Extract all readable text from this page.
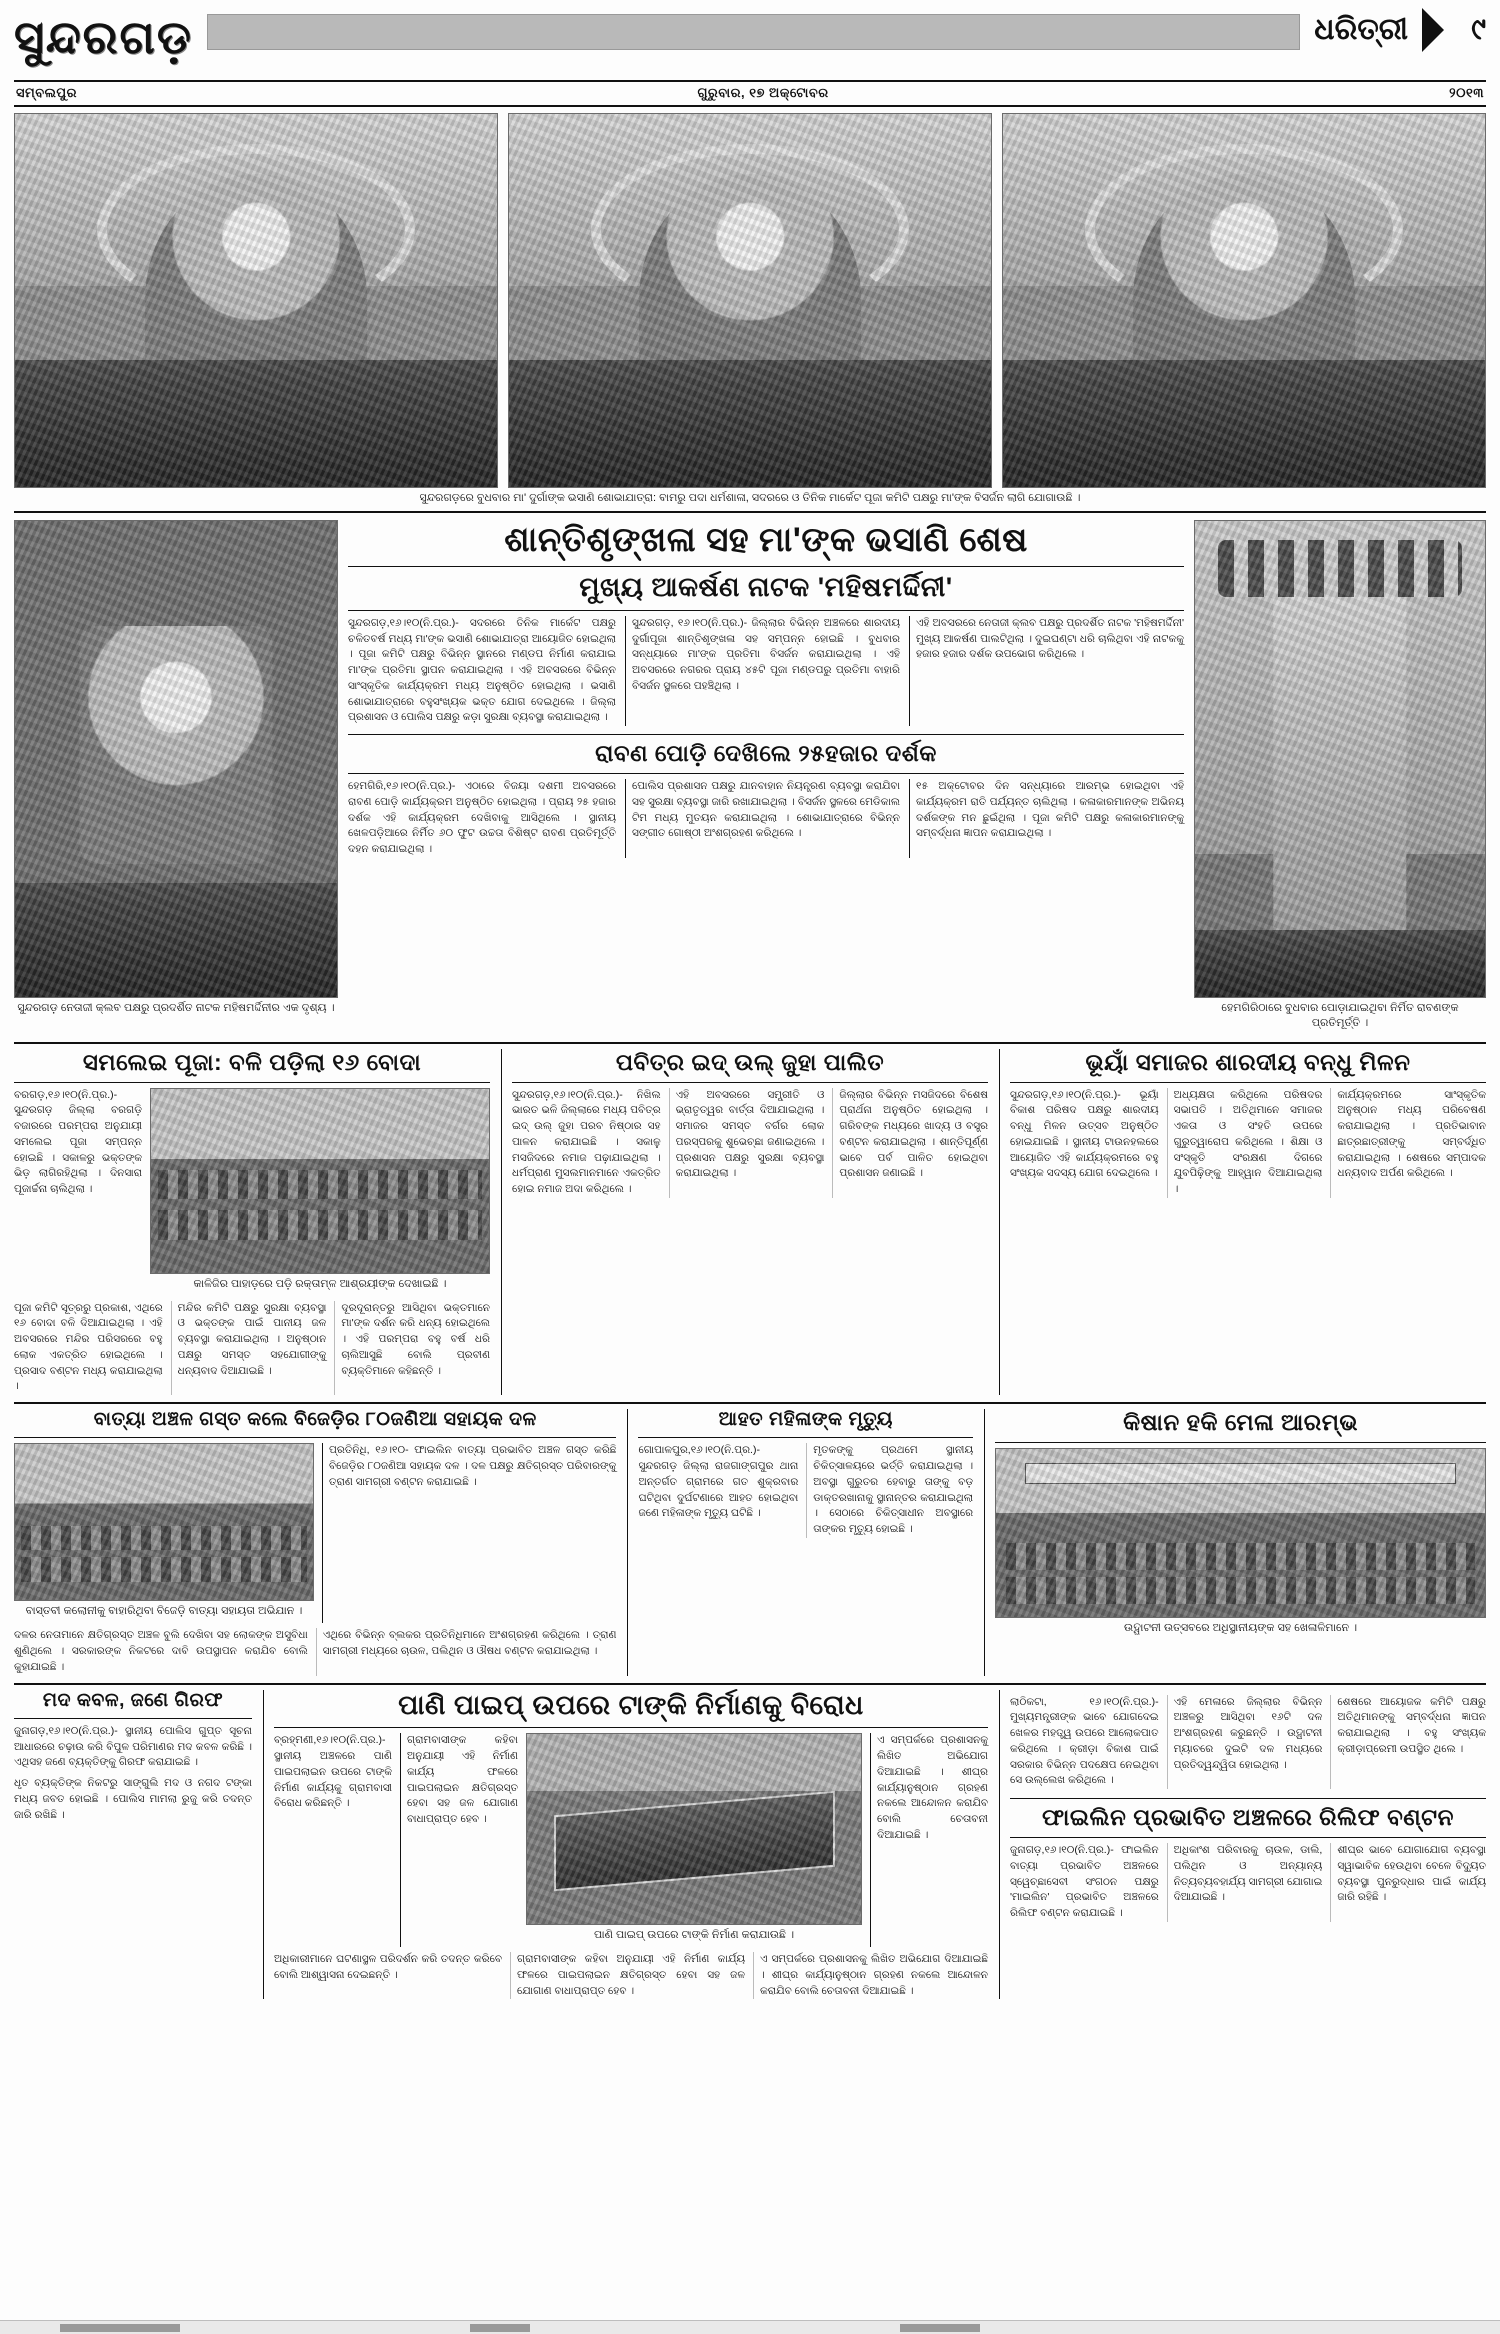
ସୁନ୍ଦରଗଡ଼	ଧରିତ୍ରୀ	୯
ସମ୍ବଲପୁର	ଗୁରୁବାର, ୧୭ ଅକ୍ଟୋବର	୨୦୧୩
ସୁନ୍ଦରଗଡ଼ରେ ବୁଧବାର ମା' ଦୁର୍ଗାଙ୍କ ଭସାଣି ଶୋଭାଯାତ୍ରା: ବାମରୁ ପଦା ଧର୍ମଶାଳା, ସଦରରେ ଓ ତିନିକ ମାର୍କେଟ ପୂଜା କମିଟି ପକ୍ଷରୁ ମା'ଙ୍କ ବିସର୍ଜନ ଲାଗି ଯୋଗାଉଛି ।
ସୁନ୍ଦରଗଡ଼ ନେତାଜୀ କ୍ଲବ ପକ୍ଷରୁ ପ୍ରଦର୍ଶିତ ନାଟକ ମହିଷମର୍ଦ୍ଦିନୀର ଏକ ଦୃଶ୍ୟ ।
ଶାନ୍ତିଶୃଙ୍ଖଳା ସହ ମା'ଙ୍କ ଭସାଣି ଶେଷ
ମୁଖ୍ୟ ଆକର୍ଷଣ ନାଟକ 'ମହିଷମର୍ଦ୍ଦିନୀ'
ସୁନ୍ଦରଗଡ଼,୧୬।୧୦(ନି.ପ୍ର.)- ସଦରରେ ତିନିକ ମାର୍କେଟ ପକ୍ଷରୁ ଚଳିତବର୍ଷ ମଧ୍ୟ ମା'ଙ୍କ ଭସାଣି ଶୋଭାଯାତ୍ରା ଆୟୋଜିତ ହୋଇଥିଲା । ପୂଜା କମିଟି ପକ୍ଷରୁ ବିଭିନ୍ନ ସ୍ଥାନରେ ମଣ୍ଡପ ନିର୍ମାଣ କରାଯାଇ ମା'ଙ୍କ ପ୍ରତିମା ସ୍ଥାପନ କରାଯାଇଥିଲା । ଏହି ଅବସରରେ ବିଭିନ୍ନ ସାଂସ୍କୃତିକ କାର୍ଯ୍ୟକ୍ରମ ମଧ୍ୟ ଅନୁଷ୍ଠିତ ହୋଇଥିଲା । ଭସାଣି ଶୋଭାଯାତ୍ରାରେ ବହୁସଂଖ୍ୟକ ଭକ୍ତ ଯୋଗ ଦେଇଥିଲେ । ଜିଲ୍ଲା ପ୍ରଶାସନ ଓ ପୋଲିସ ପକ୍ଷରୁ କଡ଼ା ସୁରକ୍ଷା ବ୍ୟବସ୍ଥା କରାଯାଇଥିଲା ।
ସୁନ୍ଦରଗଡ଼, ୧୬।୧୦(ନି.ପ୍ର.)- ଜିଲ୍ଲାର ବିଭିନ୍ନ ଅଞ୍ଚଳରେ ଶାରଦୀୟ ଦୁର୍ଗାପୂଜା ଶାନ୍ତିଶୃଙ୍ଖଳା ସହ ସମ୍ପନ୍ନ ହୋଇଛି । ବୁଧବାର ସନ୍ଧ୍ୟାରେ ମା'ଙ୍କ ପ୍ରତିମା ବିସର୍ଜନ କରାଯାଇଥିଲା । ଏହି ଅବସରରେ ନଗରର ପ୍ରାୟ ୪୫ଟି ପୂଜା ମଣ୍ଡପରୁ ପ୍ରତିମା ବାହାରି ବିସର୍ଜନ ସ୍ଥଳରେ ପହଞ୍ଚିଥିଲା ।
ଏହି ଅବସରରେ ନେତାଜୀ କ୍ଲବ ପକ୍ଷରୁ ପ୍ରଦର୍ଶିତ ନାଟକ 'ମହିଷମର୍ଦ୍ଦିନୀ' ମୁଖ୍ୟ ଆକର୍ଷଣ ପାଲଟିଥିଲା । ଦୁଇଘଣ୍ଟା ଧରି ଚାଲିଥିବା ଏହି ନାଟକକୁ ହଜାର ହଜାର ଦର୍ଶକ ଉପଭୋଗ କରିଥିଲେ ।
ରାବଣ ପୋଡ଼ି ଦେଖିଲେ ୨୫ହଜାର ଦର୍ଶକ
ହେମଗିରି,୧୬।୧୦(ନି.ପ୍ର.)- ଏଠାରେ ବିଜୟା ଦଶମୀ ଅବସରରେ ରାବଣ ପୋଡ଼ି କାର୍ଯ୍ୟକ୍ରମ ଅନୁଷ୍ଠିତ ହୋଇଥିଲା । ପ୍ରାୟ ୨୫ ହଜାର ଦର୍ଶକ ଏହି କାର୍ଯ୍ୟକ୍ରମ ଦେଖିବାକୁ ଆସିଥିଲେ । ସ୍ଥାନୀୟ ଖେଳପଡ଼ିଆରେ ନିର୍ମିତ ୬୦ ଫୁଟ ଉଚ୍ଚତା ବିଶିଷ୍ଟ ରାବଣ ପ୍ରତିମୂର୍ତ୍ତି ଦହନ କରାଯାଇଥିଲା ।
ପୋଲିସ ପ୍ରଶାସନ ପକ୍ଷରୁ ଯାନବାହାନ ନିୟନ୍ତ୍ରଣ ବ୍ୟବସ୍ଥା କରାଯିବା ସହ ସୁରକ୍ଷା ବ୍ୟବସ୍ଥା ଜାରି ରଖାଯାଇଥିଲା । ବିସର୍ଜନ ସ୍ଥଳରେ ମେଡିକାଲ ଟିମ ମଧ୍ୟ ମୁତୟନ କରାଯାଇଥିଲା । ଶୋଭାଯାତ୍ରାରେ ବିଭିନ୍ନ ସଙ୍ଗୀତ ଗୋଷ୍ଠୀ ଅଂଶଗ୍ରହଣ କରିଥିଲେ ।
୧୫ ଅକ୍ଟୋବର ଦିନ ସନ୍ଧ୍ୟାରେ ଆରମ୍ଭ ହୋଇଥିବା ଏହି କାର୍ଯ୍ୟକ୍ରମ ରାତି ପର୍ଯ୍ୟନ୍ତ ଚାଲିଥିଲା । କଳାକାରମାନଙ୍କ ଅଭିନୟ ଦର୍ଶକଙ୍କ ମନ ଛୁଇଁଥିଲା । ପୂଜା କମିଟି ପକ୍ଷରୁ କଳାକାରମାନଙ୍କୁ ସମ୍ବର୍ଦ୍ଧନା ଜ୍ଞାପନ କରାଯାଇଥିଲା ।
ହେମଗିରିଠାରେ ବୁଧବାର ପୋଡ଼ାଯାଇଥିବା ନିର୍ମିତ ରାବଣଙ୍କ ପ୍ରତିମୂର୍ତ୍ତି ।
ସମଲେଇ ପୂଜା: ବଳି ପଡ଼ିଲା ୧୬ ବୋଦା
ବରଗଡ଼,୧୬।୧୦(ନି.ପ୍ର.)- ସୁନ୍ଦରଗଡ଼ ଜିଲ୍ଲା ବରଗଡ଼ି ବଜାରରେ ପରମ୍ପରା ଅନୁଯାୟୀ ସମଲେଇ ପୂଜା ସମ୍ପନ୍ନ ହୋଇଛି । ସକାଳରୁ ଭକ୍ତଙ୍କ ଭିଡ଼ ଲାଗିରହିଥିଲା । ଦିନସାରା ପୂଜାର୍ଚ୍ଚନା ଚାଲିଥିଲା ।
କାଳିଜିର ପାହାଡ଼ରେ ପଡ଼ି ରକ୍ତାମ୍ଳ ଆଶ୍ରୟୀଙ୍କ ଦେଖାଇଛି ।
ପୂଜା କମିଟି ସୂତ୍ରରୁ ପ୍ରକାଶ, ଏଥିରେ ୧୬ ବୋଦା ବଳି ଦିଆଯାଇଥିଲା । ଏହି ଅବସରରେ ମନ୍ଦିର ପରିସରରେ ବହୁ ଲୋକ ଏକତ୍ରିତ ହୋଇଥିଲେ । ପ୍ରସାଦ ବଣ୍ଟନ ମଧ୍ୟ କରାଯାଇଥିଲା ।
ମନ୍ଦିର କମିଟି ପକ୍ଷରୁ ସୁରକ୍ଷା ବ୍ୟବସ୍ଥା ଓ ଭକ୍ତଙ୍କ ପାଇଁ ପାନୀୟ ଜଳ ବ୍ୟବସ୍ଥା କରାଯାଇଥିଲା । ଅନୁଷ୍ଠାନ ପକ୍ଷରୁ ସମସ୍ତ ସହଯୋଗୀଙ୍କୁ ଧନ୍ୟବାଦ ଦିଆଯାଇଛି ।
ଦୂରଦୂରାନ୍ତରୁ ଆସିଥିବା ଭକ୍ତମାନେ ମା'ଙ୍କ ଦର୍ଶନ କରି ଧନ୍ୟ ହୋଇଥିଲେ । ଏହି ପରମ୍ପରା ବହୁ ବର୍ଷ ଧରି ଚାଲିଆସୁଛି ବୋଲି ପ୍ରବୀଣ ବ୍ୟକ୍ତିମାନେ କହିଛନ୍ତି ।
ପବିତ୍ର ଇଦ୍ ଉଲ୍ ଜୁହା ପାଲିତ
ସୁନ୍ଦରଗଡ଼,୧୬।୧୦(ନି.ପ୍ର.)- ନିଖିଲ ଭାରତ ଭଳି ଜିଲ୍ଲାରେ ମଧ୍ୟ ପବିତ୍ର ଇଦ୍ ଉଲ୍ ଜୁହା ପରବ ନିଷ୍ଠାର ସହ ପାଳନ କରାଯାଇଛି । ସକାଳୁ ମସଜିଦରେ ନମାଜ ପଢ଼ାଯାଇଥିଲା । ଧର୍ମପ୍ରାଣ ମୁସଲମାନମାନେ ଏକତ୍ରିତ ହୋଇ ନମାଜ ଅଦା କରିଥିଲେ ।
ଏହି ଅବସରରେ ସମ୍ପ୍ରୀତି ଓ ଭ୍ରାତୃତ୍ୱର ବାର୍ତ୍ତା ଦିଆଯାଇଥିଲା । ସମାଜର ସମସ୍ତ ବର୍ଗର ଲୋକ ପରସ୍ପରକୁ ଶୁଭେଚ୍ଛା ଜଣାଇଥିଲେ । ପ୍ରଶାସନ ପକ୍ଷରୁ ସୁରକ୍ଷା ବ୍ୟବସ୍ଥା କରାଯାଇଥିଲା ।
ଜିଲ୍ଲାର ବିଭିନ୍ନ ମସଜିଦରେ ବିଶେଷ ପ୍ରାର୍ଥନା ଅନୁଷ୍ଠିତ ହୋଇଥିଲା । ଗରିବଙ୍କ ମଧ୍ୟରେ ଖାଦ୍ୟ ଓ ବସ୍ତ୍ର ବଣ୍ଟନ କରାଯାଇଥିଲା । ଶାନ୍ତିପୂର୍ଣ୍ଣ ଭାବେ ପର୍ବ ପାଳିତ ହୋଇଥିବା ପ୍ରଶାସନ ଜଣାଇଛି ।
ଭୂୟାଁ ସମାଜର ଶାରଦୀୟ ବନ୍ଧୁ ମିଳନ
ସୁନ୍ଦରଗଡ଼,୧୬।୧୦(ନି.ପ୍ର.)- ଭୂୟାଁ ବିକାଶ ପରିଷଦ ପକ୍ଷରୁ ଶାରଦୀୟ ବନ୍ଧୁ ମିଳନ ଉତ୍ସବ ଅନୁଷ୍ଠିତ ହୋଇଯାଇଛି । ସ୍ଥାନୀୟ ଟାଉନହଲରେ ଆୟୋଜିତ ଏହି କାର୍ଯ୍ୟକ୍ରମରେ ବହୁ ସଂଖ୍ୟକ ସଦସ୍ୟ ଯୋଗ ଦେଇଥିଲେ ।
ଅଧ୍ୟକ୍ଷତା କରିଥିଲେ ପରିଷଦର ସଭାପତି । ଅତିଥିମାନେ ସମାଜର ଏକତା ଓ ସଂହତି ଉପରେ ଗୁରୁତ୍ୱାରୋପ କରିଥିଲେ । ଶିକ୍ଷା ଓ ସଂସ୍କୃତି ସଂରକ୍ଷଣ ଦିଗରେ ଯୁବପିଢ଼ିଙ୍କୁ ଆହ୍ୱାନ ଦିଆଯାଇଥିଲା ।
କାର୍ଯ୍ୟକ୍ରମରେ ସାଂସ୍କୃତିକ ଅନୁଷ୍ଠାନ ମଧ୍ୟ ପରିବେଷଣ କରାଯାଇଥିଲା । ପ୍ରତିଭାବାନ ଛାତ୍ରଛାତ୍ରୀଙ୍କୁ ସମ୍ବର୍ଦ୍ଧିତ କରାଯାଇଥିଲା । ଶେଷରେ ସମ୍ପାଦକ ଧନ୍ୟବାଦ ଅର୍ପଣ କରିଥିଲେ ।
ବାତ୍ୟା ଅଞ୍ଚଳ ଗସ୍ତ କଲେ ବିଜେଡ଼ିର ୮୦ଜଣିଆ ସହାୟକ ଦଳ
ବାସ୍ତବୀ କଲୋନୀକୁ ବାହାରିଥିବା ବିଜେଡ଼ି ବାତ୍ୟା ସହାୟତା ଅଭିଯାନ ।
ପ୍ରତିନିଧି, ୧୬।୧୦- ଫାଇଲିନ ବାତ୍ୟା ପ୍ରଭାବିତ ଅଞ୍ଚଳ ଗସ୍ତ କରିଛି ବିଜେଡ଼ିର ୮୦ଜଣିଆ ସହାୟକ ଦଳ । ଦଳ ପକ୍ଷରୁ କ୍ଷତିଗ୍ରସ୍ତ ପରିବାରଙ୍କୁ ତ୍ରାଣ ସାମଗ୍ରୀ ବଣ୍ଟନ କରାଯାଇଛି ।
ଦଳର ନେତାମାନେ କ୍ଷତିଗ୍ରସ୍ତ ଅଞ୍ଚଳ ବୁଲି ଦେଖିବା ସହ ଲୋକଙ୍କ ଅସୁବିଧା ଶୁଣିଥିଲେ । ସରକାରଙ୍କ ନିକଟରେ ଦାବି ଉପସ୍ଥାପନ କରାଯିବ ବୋଲି କୁହାଯାଇଛି ।
ଏଥିରେ ବିଭିନ୍ନ ବ୍ଲକର ପ୍ରତିନିଧିମାନେ ଅଂଶଗ୍ରହଣ କରିଥିଲେ । ତ୍ରାଣ ସାମଗ୍ରୀ ମଧ୍ୟରେ ଚାଉଳ, ପଲିଥିନ ଓ ଔଷଧ ବଣ୍ଟନ କରାଯାଇଥିଲା ।
ଆହତ ମହିଳାଙ୍କ ମୃତ୍ୟୁ
ଗୋପାଳପୁର,୧୬।୧୦(ନି.ପ୍ର.)- ସୁନ୍ଦରଗଡ଼ ଜିଲ୍ଲା ରାଜଗାଙ୍ଗପୁର ଥାନା ଅନ୍ତର୍ଗତ ଗ୍ରାମରେ ଗତ ଶୁକ୍ରବାର ଘଟିଥିବା ଦୁର୍ଘଟଣାରେ ଆହତ ହୋଇଥିବା ଜଣେ ମହିଳାଙ୍କ ମୃତ୍ୟୁ ଘଟିଛି ।
ମୃତକଙ୍କୁ ପ୍ରଥମେ ସ୍ଥାନୀୟ ଚିକିତ୍ସାଳୟରେ ଭର୍ତ୍ତି କରାଯାଇଥିଲା । ଅବସ୍ଥା ଗୁରୁତର ହେବାରୁ ତାଙ୍କୁ ବଡ଼ ଡାକ୍ତରଖାନାକୁ ସ୍ଥାନାନ୍ତର କରାଯାଇଥିଲା । ସେଠାରେ ଚିକିତ୍ସାଧୀନ ଅବସ୍ଥାରେ ତାଙ୍କର ମୃତ୍ୟୁ ହୋଇଛି ।
କିଷାନ ହକି ମେଳା ଆରମ୍ଭ
ଉଦ୍ଘାଟନୀ ଉତ୍ସବରେ ଅଧିସ୍ଥାନୀୟଙ୍କ ସହ ଖେଳାଳିମାନେ ।
ମଦ କବଳ, ଜଣେ ଗିରଫ
ଜୁନାଗଡ଼,୧୬।୧୦(ନି.ପ୍ର.)- ସ୍ଥାନୀୟ ପୋଲିସ ଗୁପ୍ତ ସୂଚନା ଆଧାରରେ ଚଢ଼ାଉ କରି ବିପୁଳ ପରିମାଣର ମଦ କବଳ କରିଛି । ଏଥିସହ ଜଣେ ବ୍ୟକ୍ତିଙ୍କୁ ଗିରଫ କରାଯାଇଛି ।
ଧୃତ ବ୍ୟକ୍ତିଙ୍କ ନିକଟରୁ ସାଙ୍ଗୁଲି ମଦ ଓ ନଗଦ ଟଙ୍କା ମଧ୍ୟ ଜବତ ହୋଇଛି । ପୋଲିସ ମାମଲା ରୁଜୁ କରି ତଦନ୍ତ ଜାରି ରଖିଛି ।
ପାଣି ପାଇପ୍ ଉପରେ ଟାଙ୍କି ନିର୍ମାଣକୁ ବିରୋଧ
ବ୍ରହ୍ମଣୀ,୧୬।୧୦(ନି.ପ୍ର.)- ସ୍ଥାନୀୟ ଅଞ୍ଚଳରେ ପାଣି ପାଇପଲାଇନ ଉପରେ ଟାଙ୍କି ନିର୍ମାଣ କାର୍ଯ୍ୟକୁ ଗ୍ରାମବାସୀ ବିରୋଧ କରିଛନ୍ତି ।
ଗ୍ରାମବାସୀଙ୍କ କହିବା ଅନୁଯାୟୀ ଏହି ନିର୍ମାଣ କାର୍ଯ୍ୟ ଫଳରେ ପାଇପଲାଇନ କ୍ଷତିଗ୍ରସ୍ତ ହେବା ସହ ଜଳ ଯୋଗାଣ ବାଧାପ୍ରାପ୍ତ ହେବ ।
ପାଣି ପାଇପ୍ ଉପରେ ଟାଙ୍କି ନିର୍ମାଣ କରାଯାଉଛି ।
ଏ ସମ୍ପର୍କରେ ପ୍ରଶାସନକୁ ଲିଖିତ ଅଭିଯୋଗ ଦିଆଯାଇଛି । ଶୀଘ୍ର କାର୍ଯ୍ୟାନୁଷ୍ଠାନ ଗ୍ରହଣ ନକଲେ ଆନ୍ଦୋଳନ କରାଯିବ ବୋଲି ଚେତାବନୀ ଦିଆଯାଇଛି ।
ଅଧିକାରୀମାନେ ଘଟଣାସ୍ଥଳ ପରିଦର୍ଶନ କରି ତଦନ୍ତ କରିବେ ବୋଲି ଆଶ୍ୱାସନା ଦେଇଛନ୍ତି ।
ଗ୍ରାମବାସୀଙ୍କ କହିବା ଅନୁଯାୟୀ ଏହି ନିର୍ମାଣ କାର୍ଯ୍ୟ ଫଳରେ ପାଇପଲାଇନ କ୍ଷତିଗ୍ରସ୍ତ ହେବା ସହ ଜଳ ଯୋଗାଣ ବାଧାପ୍ରାପ୍ତ ହେବ ।
ଏ ସମ୍ପର୍କରେ ପ୍ରଶାସନକୁ ଲିଖିତ ଅଭିଯୋଗ ଦିଆଯାଇଛି । ଶୀଘ୍ର କାର୍ଯ୍ୟାନୁଷ୍ଠାନ ଗ୍ରହଣ ନକଲେ ଆନ୍ଦୋଳନ କରାଯିବ ବୋଲି ଚେତାବନୀ ଦିଆଯାଇଛି ।
ଲାଠିକଟା, ୧୬।୧୦(ନି.ପ୍ର.)- ମୁଖ୍ୟମନ୍ତ୍ରୀଙ୍କ ଭାବେ ଯୋଗଦେଇ ଖେଳର ମହତ୍ତ୍ୱ ଉପରେ ଆଲୋକପାତ କରିଥିଲେ । କ୍ରୀଡ଼ା ବିକାଶ ପାଇଁ ସରକାର ବିଭିନ୍ନ ପଦକ୍ଷେପ ନେଇଥିବା ସେ ଉଲ୍ଲେଖ କରିଥିଲେ ।
ଏହି ମେଳାରେ ଜିଲ୍ଲାର ବିଭିନ୍ନ ଅଞ୍ଚଳରୁ ଆସିଥିବା ୧୬ଟି ଦଳ ଅଂଶଗ୍ରହଣ କରୁଛନ୍ତି । ଉଦ୍ଘାଟନୀ ମ୍ୟାଚରେ ଦୁଇଟି ଦଳ ମଧ୍ୟରେ ପ୍ରତିଦ୍ୱନ୍ଦ୍ୱିତା ହୋଇଥିଲା ।
ଶେଷରେ ଆୟୋଜକ କମିଟି ପକ୍ଷରୁ ଅତିଥିମାନଙ୍କୁ ସମ୍ବର୍ଦ୍ଧନା ଜ୍ଞାପନ କରାଯାଇଥିଲା । ବହୁ ସଂଖ୍ୟକ କ୍ରୀଡ଼ାପ୍ରେମୀ ଉପସ୍ଥିତ ଥିଲେ ।
ଫାଇଲିନ ପ୍ରଭାବିତ ଅଞ୍ଚଳରେ ରିଲିଫ ବଣ୍ଟନ
ଜୁନାଗଡ଼,୧୬।୧୦(ନି.ପ୍ର.)- ଫାଇଲିନ ବାତ୍ୟା ପ୍ରଭାବିତ ଅଞ୍ଚଳରେ ସ୍ୱେଚ୍ଛାସେବୀ ସଂଗଠନ ପକ୍ଷରୁ 'ମାଇଲିନ' ପ୍ରଭାବିତ ଅଞ୍ଚଳରେ ରିଲିଫ ବଣ୍ଟନ କରାଯାଇଛି ।
ଅଧିକାଂଶ ପରିବାରକୁ ଚାଉଳ, ଡାଲି, ପଲିଥିନ ଓ ଅନ୍ୟାନ୍ୟ ନିତ୍ୟବ୍ୟବହାର୍ଯ୍ୟ ସାମଗ୍ରୀ ଯୋଗାଇ ଦିଆଯାଇଛି ।
ଶୀଘ୍ର ଭାବେ ଯୋଗାଯୋଗ ବ୍ୟବସ୍ଥା ସ୍ୱାଭାବିକ ହେଉଥିବା ବେଳେ ବିଦ୍ୟୁତ ବ୍ୟବସ୍ଥା ପୁନରୁଦ୍ଧାର ପାଇଁ କାର୍ଯ୍ୟ ଜାରି ରହିଛି ।
